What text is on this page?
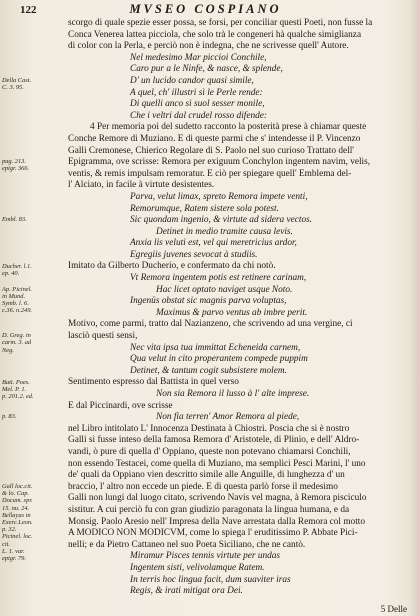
122	MVSEO COSPIANO
Della Cast.
C. 3. 95.
pag. 213.
epigr. 366.
Embl. 83.
Ducher. l.1.
ep. 40.
Ap. Picinel.
in Mund.
Symb. l. 6.
c.36. n.249.
D. Greg. in
carm. 3. ad
Neg.
Batt. Poes.
Mel. P. 1.
p. 201.2. ed.
p. 83.
Gall loc.cit.
& lo. Cap.
Docum. spr.
15. nu. 24.
Bellayus in
Exerc.Leon.
p. 32.
Picinel. loc.
cit.
L. 1. var.
epigr. 79.
scorgo di quale spezie esser possa, se forsi, per conciliar questi Poeti, non fusse la
Conca Venerea lattea picciola, che solo trà le congeneri hà qualche simiglianza
di color con la Perla, e perciò non è indegna, che ne scrivesse quell' Autore.
Nel medesimo Mar piccioi Conchile,
Caro pur a le Ninfe, & nasce, & splende,
D' un lucido candor quasi simile,
A quel, ch' illustri sì le Perle rende:
Di quelli anco sì suol sesser monile,
Che i veltri dal crudel rosso difende:
4 Per memoria poi del sudetto racconto la posterità prese à chiamar queste
Conche Remore di Muziano. E di queste parmi che s' intendesse il P. Vincenzo
Galli Cremonese, Chierico Regolare di S. Paolo nel suo curioso Trattato dell'
Epigramma, ove scrisse: Remora per exiguum Conchylon ingentem navim, velis,
ventis, & remis impulsam remoratur. E ciò per spiegare quell' Emblema del-
l' Alciato, in facile à virtute desistentes.
Parva, velut limax, spreto Remora impete venti,
Remorumque, Ratem sistere sola potest.
Sic quondam ingenio, & virtute ad sidera vectos.
Detinet in medio tramite causa levis.
Anxia lis veluti est, vel qui meretricius ardor,
Egregiis juvenes sevocat à studiis.
Imitato da Gilberto Ducherio, e confermato da chi notò.
Vt Remora ingentem potis est retinere carinam,
Hac licet optato naviget usque Noto.
Ingenüs obstat sic magnis parva voluptas,
Maximus & parvo ventus ab imbre perit.
Motivo, come parmi, tratto dal Nazianzeno, che scrivendo ad una vergine, ci
lasciò questi sensi,
Nec vita ipsa tua immittat Echeneida carnem,
Qua velut in cito properantem compede puppim
Detinet, & tantum cogit subsistere molem.
Sentimento espresso dal Battista in quel verso
Non sia Remora il lusso à l' alte imprese.
E dal Piccinardi, ove scrisse
Non fia terren' Amor Remora al piede,
nel Libro intitolato L' Innocenza Destinata à Chiostri. Poscia che si è nostro
Galli sì fusse inteso della famosa Remora d' Aristotele, di Plinio, e dell' Aldro-
vandi, ò pure di quella d' Oppiano, queste non potevano chiamarsi Conchili,
non essendo Testacei, come quella di Muziano, ma semplici Pesci Marini, l' uno
de' quali da Oppiano vien descritto simile alle Anguille, di lunghezza d' un
braccio, l' altro non eccede un piede. E di questa parlò forse il medesimo
Galli non lungi dal luogo citato, scrivendo Navis vel magna, à Remora pisciculo
sistitur. A cui perciò fu con gran giudizio paragonata la lingua humana, e da
Monsig. Paolo Aresio nell' Impresa della Nave arrestata dalla Remora col motto
A MODICO NON MODICVM, come lo spiega l' eruditissimo P. Abbate Pici-
nelli; e da Pietro Cattaneo nel suo Poeta Siciliano, che ne cantò.
Miramur Pisces tennis virtute per undas
Ingentem sisti, velivolamque Ratem.
In terris hoc lingua facit, dum suaviter iras
Regis, & irati mitigat ora Dei.
5 Delle
